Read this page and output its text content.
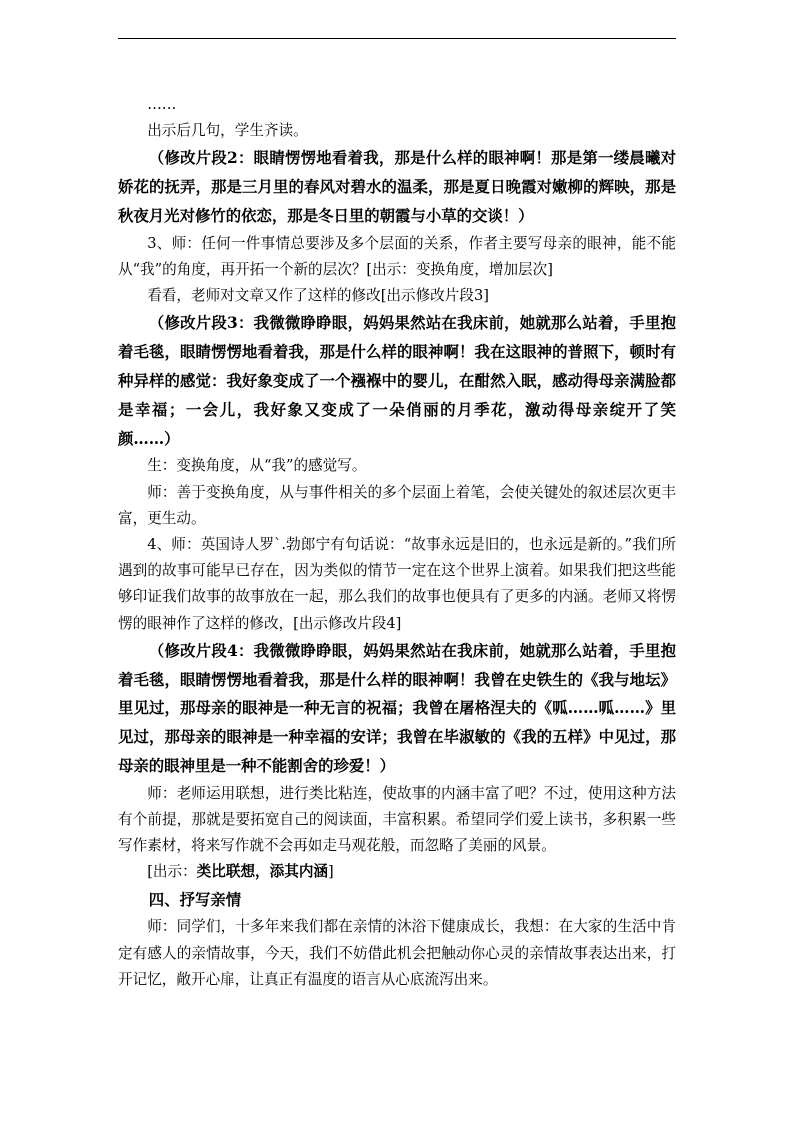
……

出示后几句，学生齐读。

（修改片段2：眼睛愣愣地看着我，那是什么样的眼神啊！那是第一缕晨曦对娇花的抚弄，那是三月里的春风对碧水的温柔，那是夏日晚霞对嫩柳的辉映，那是秋夜月光对修竹的依恋，那是冬日里的朝霞与小草的交谈！）

3、师：任何一件事情总要涉及多个层面的关系，作者主要写母亲的眼神，能不能从“我”的角度，再开拓一个新的层次？[出示：变换角度，增加层次]

看看，老师对文章又作了这样的修改[出示修改片段3]

（修改片段3：我微微睁睁眼，妈妈果然站在我床前，她就那么站着，手里抱着毛毯，眼睛愣愣地看着我，那是什么样的眼神啊！我在这眼神的普照下，顿时有种异样的感觉：我好象变成了一个襁褓中的婴儿，在酣然入眠，感动得母亲满脸都是幸福；一会儿，我好象又变成了一朵俏丽的月季花，激动得母亲绽开了笑颜……）

生：变换角度，从“我”的感觉写。

师：善于变换角度，从与事件相关的多个层面上着笔，会使关键处的叙述层次更丰富，更生动。

4、师：英国诗人罗`.勃郎宁有句话说：“故事永远是旧的，也永远是新的。”我们所遇到的故事可能早已存在，因为类似的情节一定在这个世界上演着。如果我们把这些能够印证我们故事的故事放在一起，那么我们的故事也便具有了更多的内涵。老师又将愣愣的眼神作了这样的修改，[出示修改片段4]

（修改片段4：我微微睁睁眼，妈妈果然站在我床前，她就那么站着，手里抱着毛毯，眼睛愣愣地看着我，那是什么样的眼神啊！我曾在史铁生的《我与地坛》里见过，那母亲的眼神是一种无言的祝福；我曾在屠格涅夫的《呱……呱……》里见过，那母亲的眼神是一种幸福的安详；我曾在毕淑敏的《我的五样》中见过，那母亲的眼神里是一种不能割舍的珍爱！）

师：老师运用联想，进行类比粘连，使故事的内涵丰富了吧？不过，使用这种方法有个前提，那就是要拓宽自己的阅读面，丰富积累。希望同学们爱上读书，多积累一些写作素材，将来写作就不会再如走马观花般，而忽略了美丽的风景。

[出示：类比联想，添其内涵]

四、抒写亲情

师：同学们，十多年来我们都在亲情的沐浴下健康成长，我想：在大家的生活中肯定有感人的亲情故事，今天，我们不妨借此机会把触动你心灵的亲情故事表达出来，打开记忆，敞开心扉，让真正有温度的语言从心底流泻出来。
